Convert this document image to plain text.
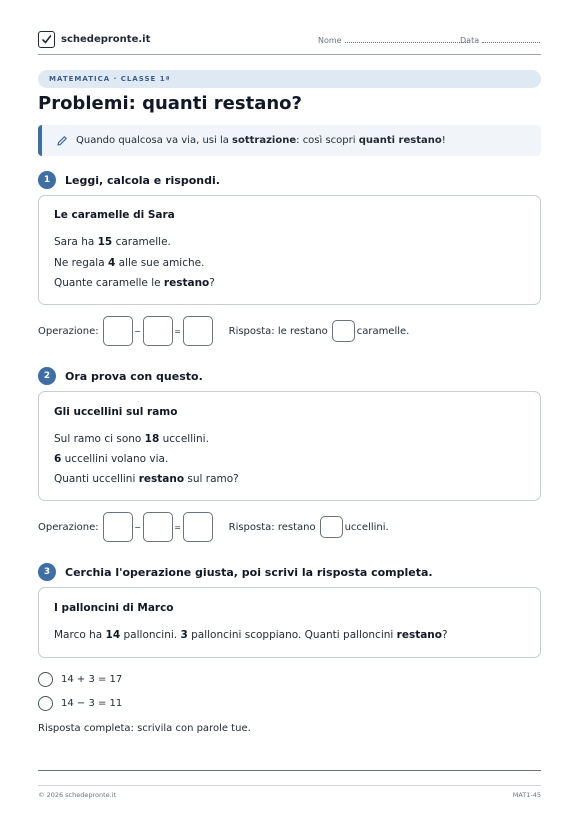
schedepronte.it	Nome	Data
MATEMATICA · CLASSE 1ª
Problemi: quanti restano?
Quando qualcosa va via, usi la sottrazione: così scopri quanti restano!
1	Leggi, calcola e rispondi.
Le caramelle di Sara
Sara ha 15 caramelle.
Ne regala 4 alle sue amiche.
Quante caramelle le restano?
Operazione:	−	=	Risposta: le restano	caramelle.
2	Ora prova con questo.
Gli uccellini sul ramo
Sul ramo ci sono 18 uccellini.
6 uccellini volano via.
Quanti uccellini restano sul ramo?
Operazione:	−	=	Risposta: restano	uccellini.
3	Cerchia l'operazione giusta, poi scrivi la risposta completa.
I palloncini di Marco
Marco ha 14 palloncini. 3 palloncini scoppiano. Quanti palloncini restano?
14 + 3 = 17
14 − 3 = 11
Risposta completa: scrivila con parole tue.
© 2026 schedepronte.it	MAT1-45
